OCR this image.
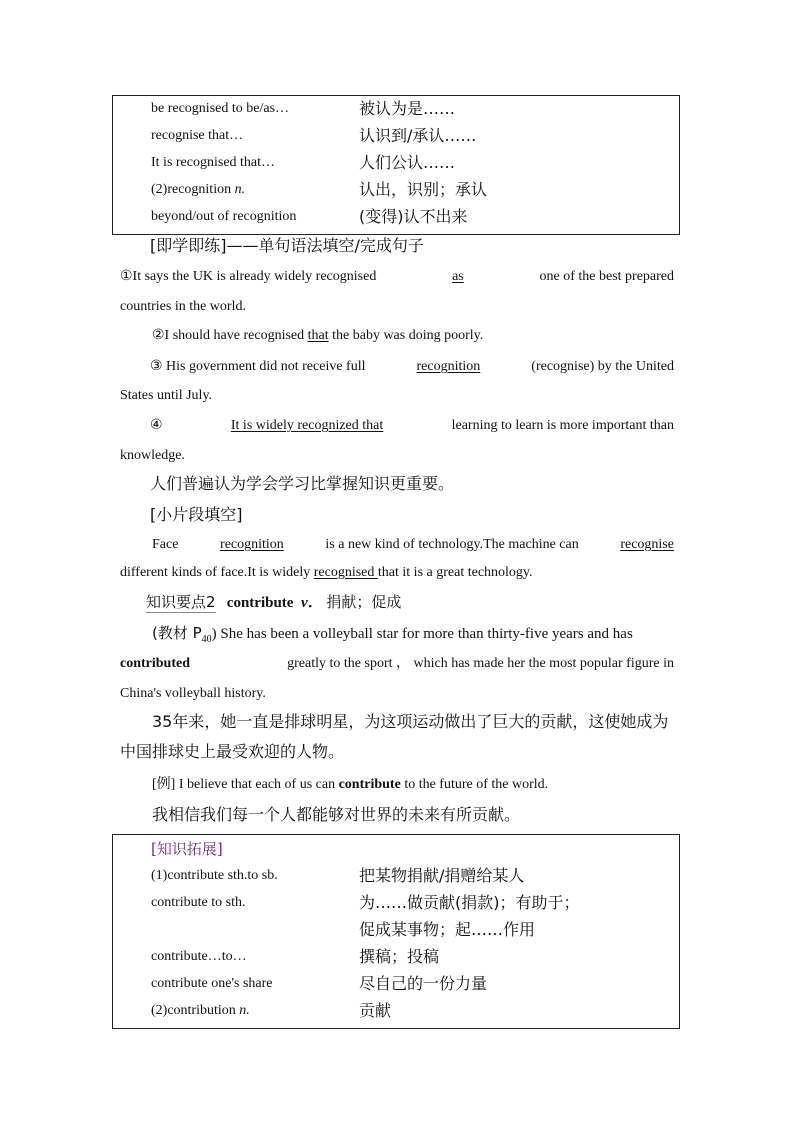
be recognised to be/as…	被认为是……
recognise that…	认识到/承认……
It is recognised that…	人们公认……
(2)recognition n.	认出，识别；承认
beyond/out of recognition	(变得)认不出来
[即学即练]——单句语法填空/完成句子
①It says the UK is already widely recognised	as	one of the best prepared
countries in the world.
②I should have recognised that the baby was doing poorly.
③ His government did not receive full	recognition	(recognise) by the United
States until July.
④	It is widely recognized that	learning to learn is more important than
knowledge.
人们普遍认为学会学习比掌握知识更重要。
[小片段填空]
Face	recognition	is a new kind of technology.The machine can	recognise
different kinds of face.It is widely recognised that it is a great technology.
知识要点2 contribute v． 捐献；促成
(教材 $P_{40}$) She has been a volleyball star for more than thirty-five years and has
contributed	greatly to the sport ， which has made her the most popular figure in
China's volleyball history.
35年来，她一直是排球明星，为这项运动做出了巨大的贡献，这使她成为
中国排球史上最受欢迎的人物。
[例] I believe that each of us can contribute to the future of the world.
我相信我们每一个人都能够对世界的未来有所贡献。
[知识拓展]
(1)contribute sth.to sb.	把某物捐献/捐赠给某人
contribute to sth.	为……做贡献(捐款)；有助于；
促成某事物；起……作用
contribute…to…	撰稿；投稿
contribute one's share	尽自己的一份力量
(2)contribution n.	贡献
